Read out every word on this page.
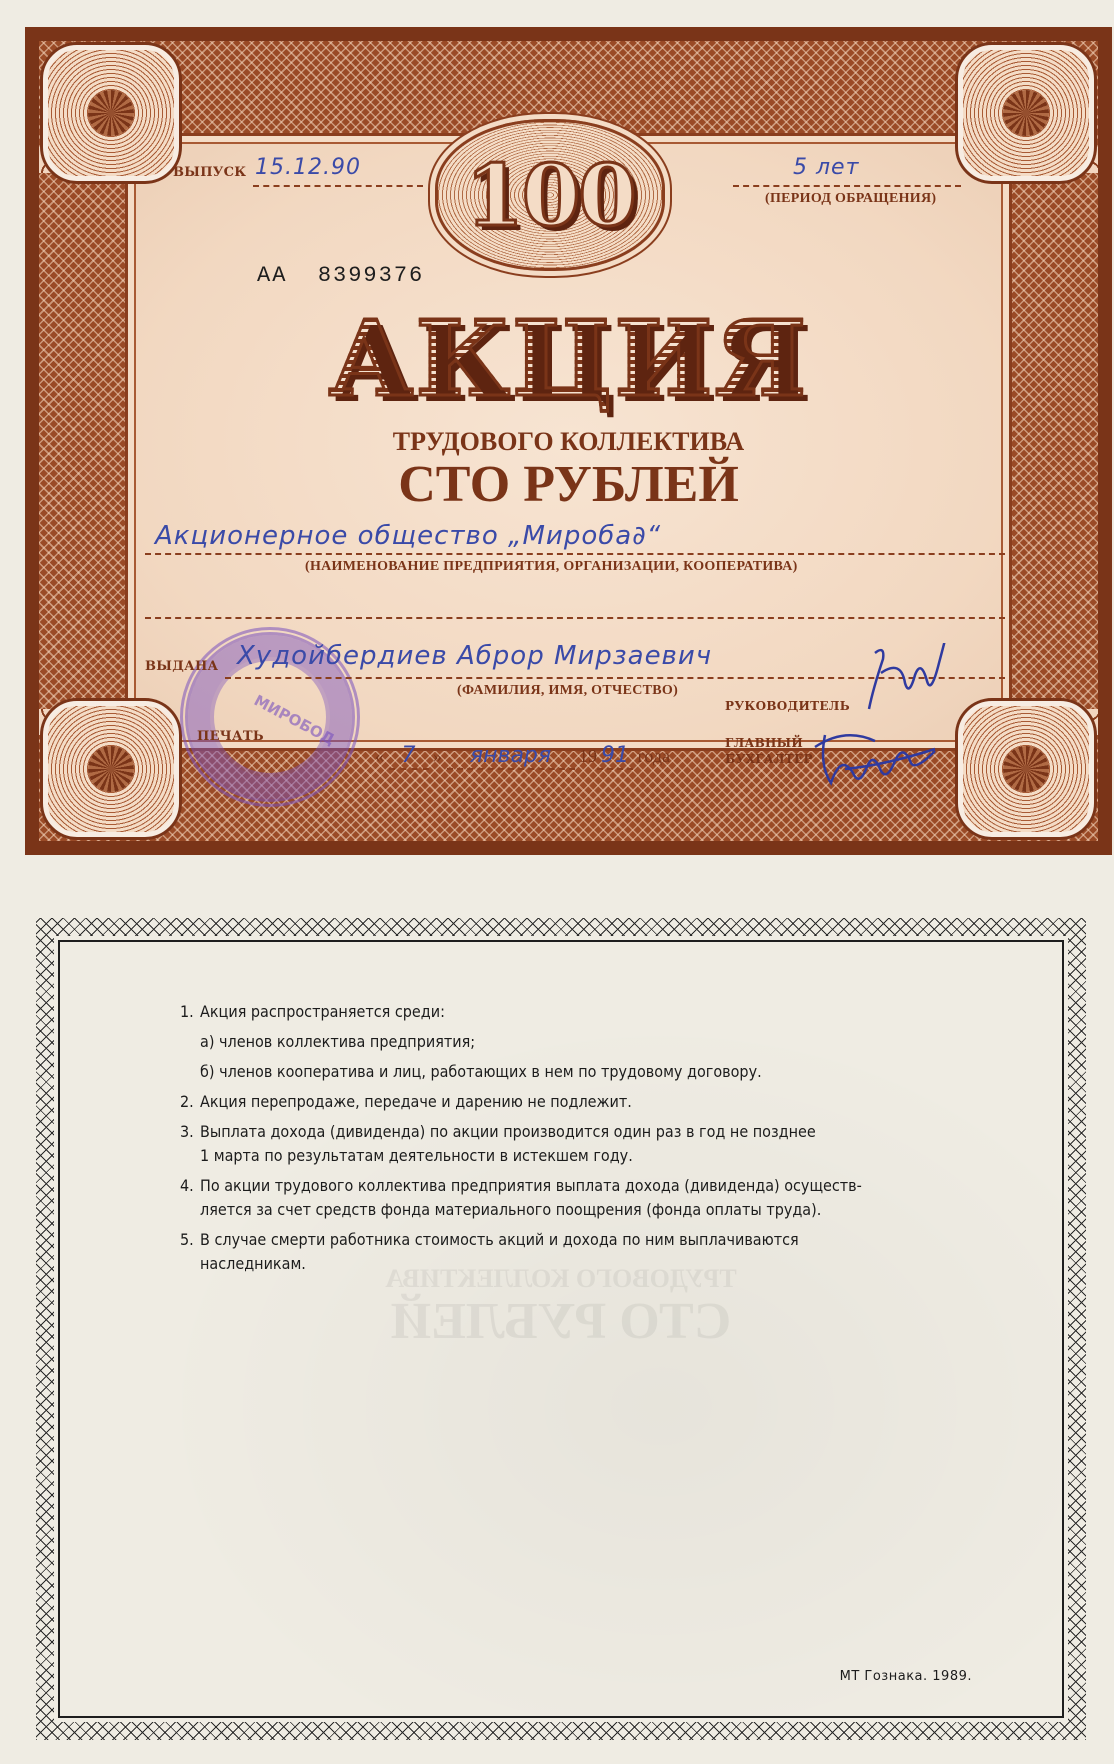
ВЫПУСК 15.12.90	5 лет
(ПЕРИОД ОБРАЩЕНИЯ)
100
АА 8399376
АКЦИЯ
ТРУДОВОГО КОЛЛЕКТИВА
СТО РУБЛЕЙ
Акционерное общество „Мироба∂“
(НАИМЕНОВАНИЕ ПРЕДПРИЯТИЯ, ОРГАНИЗАЦИИ, КООПЕРАТИВА)
МИРОБОД
ВЫДАНА Худойбердиев Аброр Мирзаевич
(ФАМИЛИЯ, ИМЯ, ОТЧЕСТВО)
ПЕЧАТЬ
« 7 » января 19 91 года
РУКОВОДИТЕЛЬ
ГЛАВНЫЙ
БУХГАЛТЕР
ТРУДОВОГО КОЛЛЕКТИВА
СТО РУБЛЕЙ
1. Акция распространяется среди:
а) членов коллектива предприятия;
б) членов кооператива и лиц, работающих в нем по трудовому договору.
2. Акция перепродаже, передаче и дарению не подлежит.
3. Выплата дохода (дивиденда) по акции производится один раз в год не позднее
1 марта по результатам деятельности в истекшем году.
4. По акции трудового коллектива предприятия выплата дохода (дивиденда) осуществ-
ляется за счет средств фонда материального поощрения (фонда оплаты труда).
5. В случае смерти работника стоимость акций и дохода по ним выплачиваются
наследникам.
МТ Гознака. 1989.
